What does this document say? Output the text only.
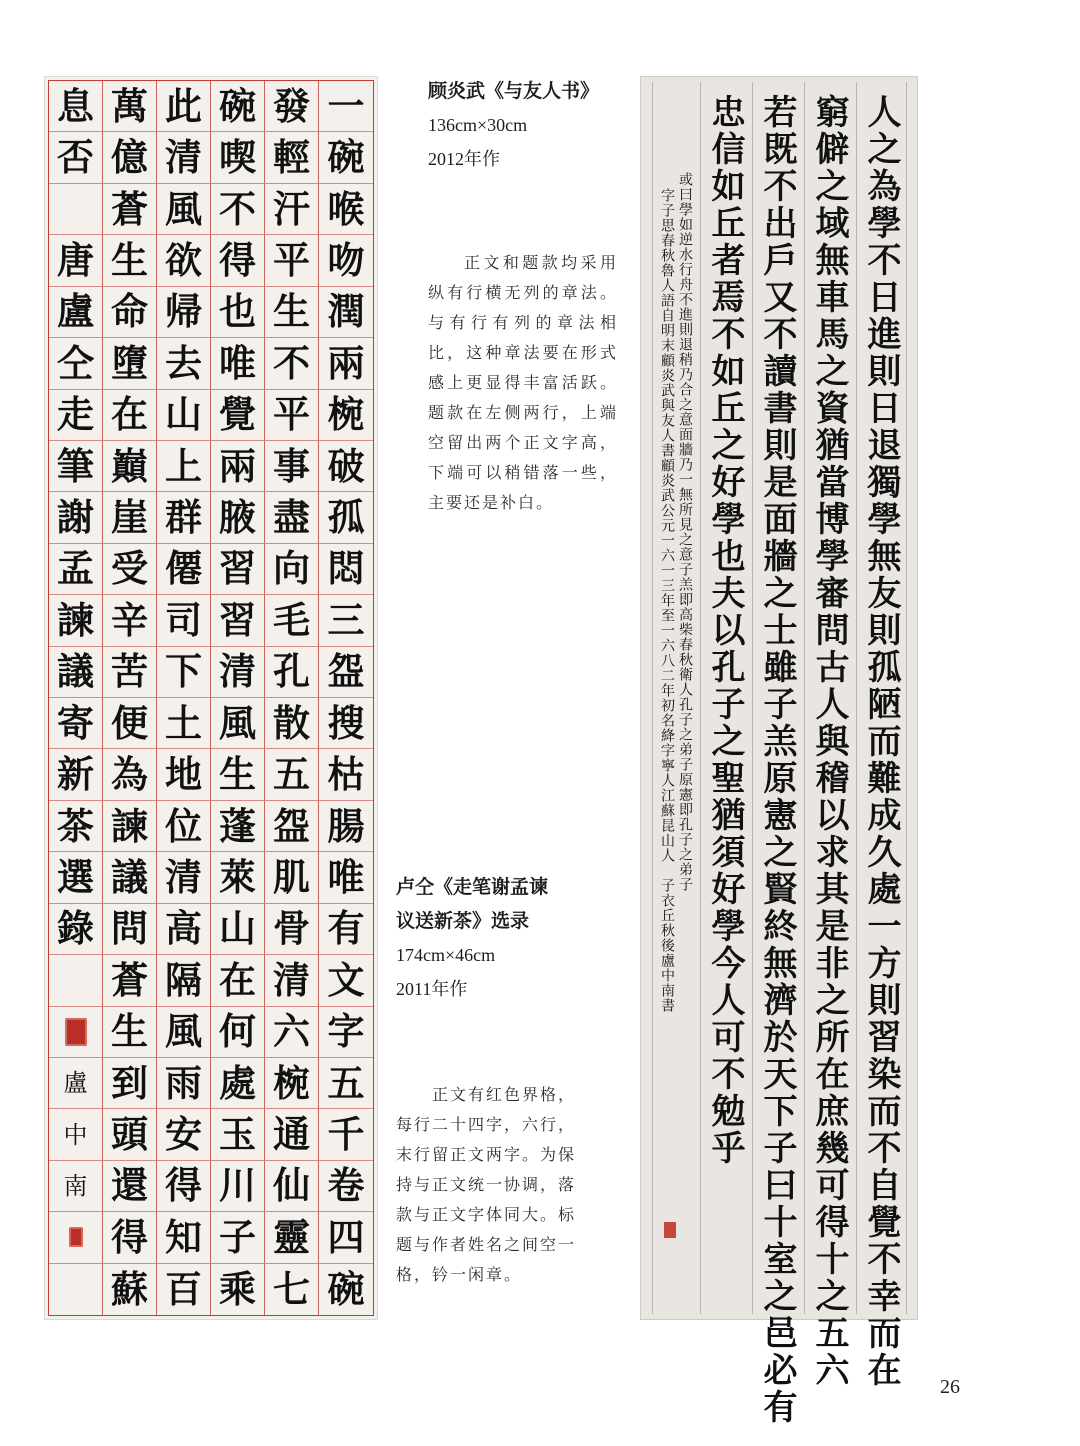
息 萬 此 碗 發 一
否 億 清 喫 輕 碗
蒼 風 不 汗 喉
唐 生 欲 得 平 吻
盧 命 帰 也 生 潤
仝 墮 去 唯 不 兩
走 在 山 覺 平 椀
筆 巔 上 兩 事 破
謝 崖 群 腋 盡 孤
孟 受 僊 習 向 悶
諫 辛 司 習 毛 三
議 苦 下 清 孔 盌
寄 便 土 風 散 搜
新 為 地 生 五 枯
茶 諫 位 蓬 盌 腸
選 議 清 萊 肌 唯
錄 問 高 山 骨 有
蒼 隔 在 清 文
生 風 何 六 字
盧 到 雨 處 椀 五
中 頭 安 玉 通 千
南 還 得 川 仙 卷
得 知 子 靈 四
蘇 百 乘 七 碗
顾炎武《与友人书》
136cm×30cm
2012年作
正文和题款均采用纵有行横无列的章法。与有行有列的章法相比，这种章法要在形式感上更显得丰富活跃。题款在左侧两行，上端空留出两个正文字高，下端可以稍错落一些，主要还是补白。
卢仝《走笔谢孟谏
议送新茶》选录
174cm×46cm
2011年作
正文有红色界格，每行二十四字，六行，末行留正文两字。为保持与正文统一协调，落款与正文字体同大。标题与作者姓名之间空一格，钤一闲章。	人之為學不日進則日退獨學無友則孤陋而難成久處一方則習染而不自覺不幸而在
窮僻之域無車馬之資猶當博學審問古人與稽以求其是非之所在庶幾可得十之五六
若既不出戶又不讀書則是面牆之士雖子羔原憲之賢終無濟於天下子曰十室之邑必有
忠信如丘者焉不如丘之好學也夫以孔子之聖猶須好學今人可不勉乎
或曰學如逆水行舟不進則退稍乃合之意面牆乃一無所見之意子羔即高柴春秋衛人孔子之弟子原憲即孔子之弟子
字子思春秋魯人語自明末顧炎武與友人書顧炎武公元一六一三年至一六八二年初名絳字寧人江蘇昆山人　子衣丘秋後盧中南書
26
